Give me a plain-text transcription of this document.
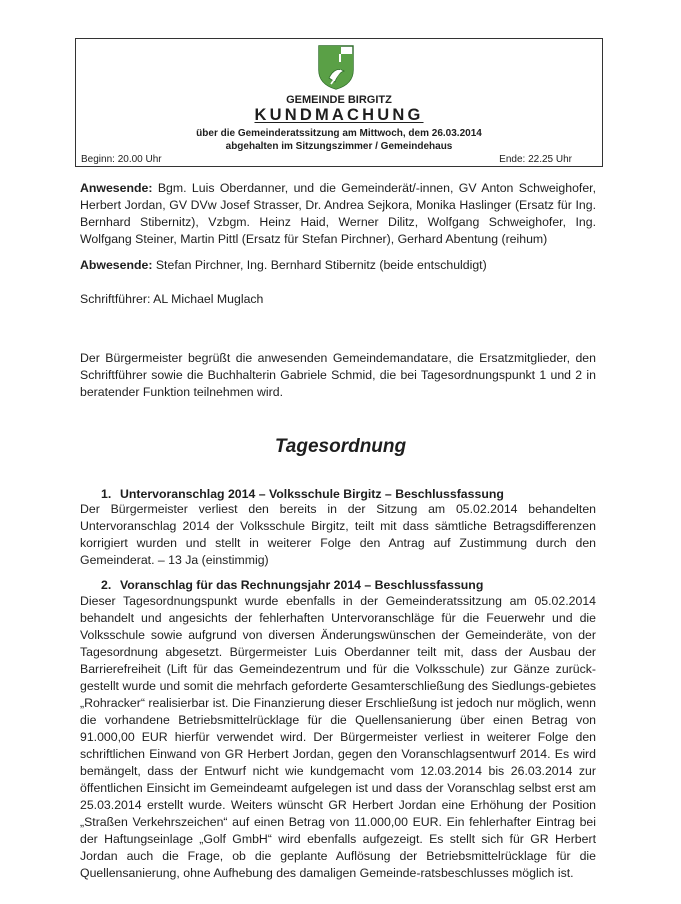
GEMEINDE BIRGITZ
KUNDMACHUNG
über die Gemeinderatssitzung am Mittwoch, dem 26.03.2014
abgehalten im Sitzungszimmer / Gemeindehaus
Beginn: 20.00 Uhr	Ende: 22.25 Uhr

Anwesende: Bgm. Luis Oberdanner, und die Gemeinderät/-innen, GV Anton Schweighofer, Herbert Jordan, GV DVw Josef Strasser, Dr. Andrea Sejkora, Monika Haslinger (Ersatz für Ing. Bernhard Stibernitz), Vzbgm. Heinz Haid, Werner Dilitz, Wolfgang Schweighofer, Ing. Wolfgang Steiner, Martin Pittl (Ersatz für Stefan Pirchner), Gerhard Abentung (reihum)

Abwesende: Stefan Pirchner, Ing. Bernhard Stibernitz (beide entschuldigt)

Schriftführer: AL Michael Muglach

Der Bürgermeister begrüßt die anwesenden Gemeindemandatare, die Ersatzmitglieder, den Schriftführer sowie die Buchhalterin Gabriele Schmid, die bei Tagesordnungspunkt 1 und 2 in beratender Funktion teilnehmen wird.

Tagesordnung

1. Untervoranschlag 2014 – Volksschule Birgitz – Beschlussfassung

Der Bürgermeister verliest den bereits in der Sitzung am 05.02.2014 behandelten Untervoranschlag 2014 der Volksschule Birgitz, teilt mit dass sämtliche Betragsdifferenzen korrigiert wurden und stellt in weiterer Folge den Antrag auf Zustimmung durch den Gemeinderat. – 13 Ja (einstimmig)

2. Voranschlag für das Rechnungsjahr 2014 – Beschlussfassung

Dieser Tagesordnungspunkt wurde ebenfalls in der Gemeinderatssitzung am 05.02.2014 behandelt und angesichts der fehlerhaften Untervoranschläge für die Feuerwehr und die Volksschule sowie aufgrund von diversen Änderungswünschen der Gemeinderäte, von der Tagesordnung abgesetzt. Bürgermeister Luis Oberdanner teilt mit, dass der Ausbau der Barrierefreiheit (Lift für das Gemeindezentrum und für die Volksschule) zur Gänze zurück-gestellt wurde und somit die mehrfach geforderte Gesamterschließung des Siedlungs-gebietes „Rohracker“ realisierbar ist. Die Finanzierung dieser Erschließung ist jedoch nur möglich, wenn die vorhandene Betriebsmittelrücklage für die Quellensanierung über einen Betrag von 91.000,00 EUR hierfür verwendet wird. Der Bürgermeister verliest in weiterer Folge den schriftlichen Einwand von GR Herbert Jordan, gegen den Voranschlagsentwurf 2014. Es wird bemängelt, dass der Entwurf nicht wie kundgemacht vom 12.03.2014 bis 26.03.2014 zur öffentlichen Einsicht im Gemeindeamt aufgelegen ist und dass der Voranschlag selbst erst am 25.03.2014 erstellt wurde. Weiters wünscht GR Herbert Jordan eine Erhöhung der Position „Straßen Verkehrszeichen“ auf einen Betrag von 11.000,00 EUR. Ein fehlerhafter Eintrag bei der Haftungseinlage „Golf GmbH“ wird ebenfalls aufgezeigt. Es stellt sich für GR Herbert Jordan auch die Frage, ob die geplante Auflösung der Betriebsmittelrücklage für die Quellensanierung, ohne Aufhebung des damaligen Gemeinde-ratsbeschlusses möglich ist.
